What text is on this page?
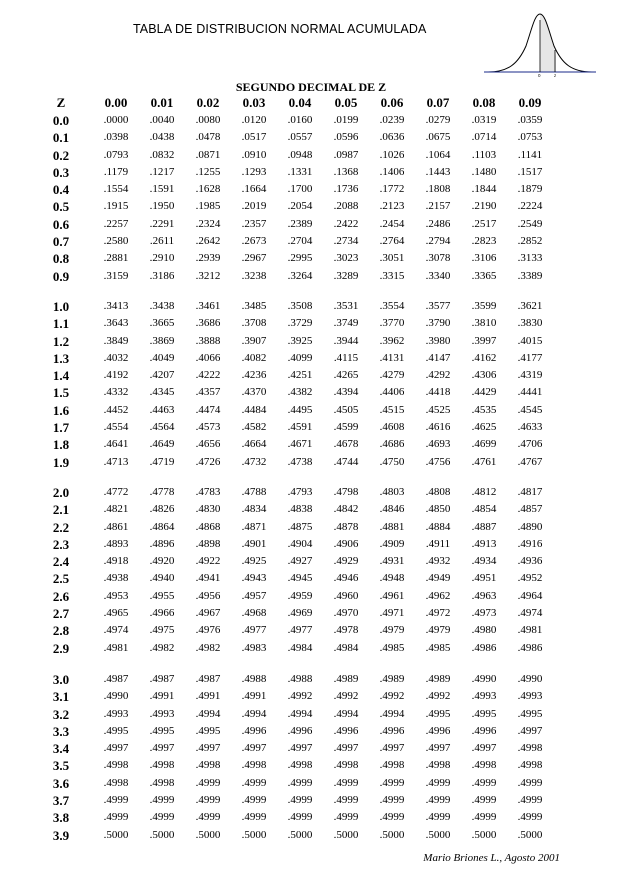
TABLA DE DISTRIBUCION NORMAL ACUMULADA
0	z
SEGUNDO DECIMAL DE Z
Z	0.00	0.01	0.02	0.03	0.04	0.05	0.06	0.07	0.08	0.09
0.0	.0000	.0040	.0080	.0120	.0160	.0199	.0239	.0279	.0319	.0359
0.1	.0398	.0438	.0478	.0517	.0557	.0596	.0636	.0675	.0714	.0753
0.2	.0793	.0832	.0871	.0910	.0948	.0987	.1026	.1064	.1103	.1141
0.3	.1179	.1217	.1255	.1293	.1331	.1368	.1406	.1443	.1480	.1517
0.4	.1554	.1591	.1628	.1664	.1700	.1736	.1772	.1808	.1844	.1879
0.5	.1915	.1950	.1985	.2019	.2054	.2088	.2123	.2157	.2190	.2224
0.6	.2257	.2291	.2324	.2357	.2389	.2422	.2454	.2486	.2517	.2549
0.7	.2580	.2611	.2642	.2673	.2704	.2734	.2764	.2794	.2823	.2852
0.8	.2881	.2910	.2939	.2967	.2995	.3023	.3051	.3078	.3106	.3133
0.9	.3159	.3186	.3212	.3238	.3264	.3289	.3315	.3340	.3365	.3389
1.0	.3413	.3438	.3461	.3485	.3508	.3531	.3554	.3577	.3599	.3621
1.1	.3643	.3665	.3686	.3708	.3729	.3749	.3770	.3790	.3810	.3830
1.2	.3849	.3869	.3888	.3907	.3925	.3944	.3962	.3980	.3997	.4015
1.3	.4032	.4049	.4066	.4082	.4099	.4115	.4131	.4147	.4162	.4177
1.4	.4192	.4207	.4222	.4236	.4251	.4265	.4279	.4292	.4306	.4319
1.5	.4332	.4345	.4357	.4370	.4382	.4394	.4406	.4418	.4429	.4441
1.6	.4452	.4463	.4474	.4484	.4495	.4505	.4515	.4525	.4535	.4545
1.7	.4554	.4564	.4573	.4582	.4591	.4599	.4608	.4616	.4625	.4633
1.8	.4641	.4649	.4656	.4664	.4671	.4678	.4686	.4693	.4699	.4706
1.9	.4713	.4719	.4726	.4732	.4738	.4744	.4750	.4756	.4761	.4767
2.0	.4772	.4778	.4783	.4788	.4793	.4798	.4803	.4808	.4812	.4817
2.1	.4821	.4826	.4830	.4834	.4838	.4842	.4846	.4850	.4854	.4857
2.2	.4861	.4864	.4868	.4871	.4875	.4878	.4881	.4884	.4887	.4890
2.3	.4893	.4896	.4898	.4901	.4904	.4906	.4909	.4911	.4913	.4916
2.4	.4918	.4920	.4922	.4925	.4927	.4929	.4931	.4932	.4934	.4936
2.5	.4938	.4940	.4941	.4943	.4945	.4946	.4948	.4949	.4951	.4952
2.6	.4953	.4955	.4956	.4957	.4959	.4960	.4961	.4962	.4963	.4964
2.7	.4965	.4966	.4967	.4968	.4969	.4970	.4971	.4972	.4973	.4974
2.8	.4974	.4975	.4976	.4977	.4977	.4978	.4979	.4979	.4980	.4981
2.9	.4981	.4982	.4982	.4983	.4984	.4984	.4985	.4985	.4986	.4986
3.0	.4987	.4987	.4987	.4988	.4988	.4989	.4989	.4989	.4990	.4990
3.1	.4990	.4991	.4991	.4991	.4992	.4992	.4992	.4992	.4993	.4993
3.2	.4993	.4993	.4994	.4994	.4994	.4994	.4994	.4995	.4995	.4995
3.3	.4995	.4995	.4995	.4996	.4996	.4996	.4996	.4996	.4996	.4997
3.4	.4997	.4997	.4997	.4997	.4997	.4997	.4997	.4997	.4997	.4998
3.5	.4998	.4998	.4998	.4998	.4998	.4998	.4998	.4998	.4998	.4998
3.6	.4998	.4998	.4999	.4999	.4999	.4999	.4999	.4999	.4999	.4999
3.7	.4999	.4999	.4999	.4999	.4999	.4999	.4999	.4999	.4999	.4999
3.8	.4999	.4999	.4999	.4999	.4999	.4999	.4999	.4999	.4999	.4999
3.9	.5000	.5000	.5000	.5000	.5000	.5000	.5000	.5000	.5000	.5000
Mario Briones L., Agosto 2001
